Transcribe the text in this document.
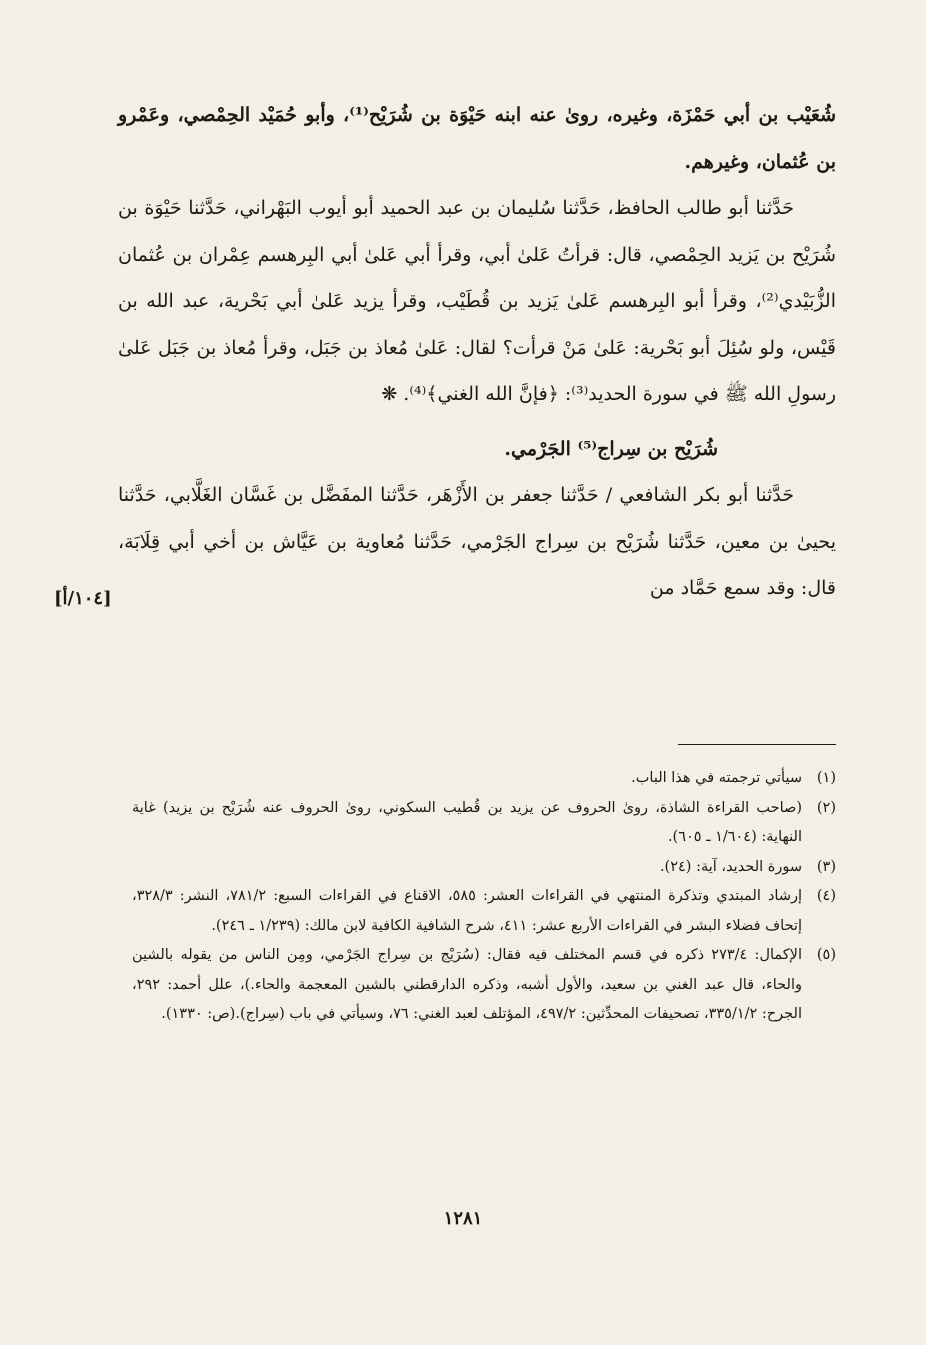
شُعَيْب بن أبي حَمْزَة، وغيره، روىٰ عنه ابنه حَيْوَة بن شُرَيْح⁽¹⁾، وأبو حُمَيْد الحِمْصي، وعَمْرو بن عُثمان، وغيرهم.

حَدَّثنا أبو طالب الحافظ، حَدَّثنا سُليمان بن عبد الحميد أبو أيوب البَهْراني، حَدَّثنا حَيْوَة بن شُرَيْح بن يَزيد الحِمْصي، قال: قرأتُ عَلىٰ أبي، وقرأ أبي عَلىٰ أبي البِرهسم عِمْران بن عُثمان الزُّبَيْدي⁽²⁾، وقرأ أبو البِرهسم عَلىٰ يَزيد بن قُطَيْب، وقرأ يزيد عَلىٰ أبي بَحْرية، عبد الله بن قَيْس، ولو سُئِلَ أبو بَحْرية: عَلىٰ مَنْ قرأت؟ لقال: عَلىٰ مُعاذ بن جَبَل، وقرأ مُعاذ بن جَبَل عَلىٰ رسولِ الله ﷺ في سورة الحديد⁽³⁾: ﴿فإنَّ الله الغني﴾⁽⁴⁾. ❋

شُرَيْح بن سِراج⁽⁵⁾ الجَرْمي.

حَدَّثنا أبو بكر الشافعي / حَدَّثنا جعفر بن الأَزْهَر، حَدَّثنا المفَضَّل بن غَسَّان الغَلَّابي، حَدَّثنا يحيىٰ بن معين، حَدَّثنا شُرَيْح بن سِراج الجَرْمي، حَدَّثنا مُعاوية بن عَيَّاش بن أخي أبي قِلَابَة، قال: وقد سمع حَمَّاد من

[١٠٤/أ]
(١)
سيأتي ترجمته في هذا الباب.
(٢)
(صاحب القراءة الشاذة، روىٰ الحروف عن يزيد بن قُطيب السكوني، روىٰ الحروف عنه شُرَيْح بن يزيد) غاية النهاية: (١/٦٠٤ ـ ٦٠٥).
(٣)
سورة الحديد، آية: (٢٤).
(٤)
إرشاد المبتدي وتذكرة المنتهي في القراءات العشر: ٥٨٥، الاقناع في القراءات السبع: ٧٨١/٢، النشر: ٣٢٨/٣، إتحاف فضلاء البشر في القراءات الأربع عشر: ٤١١، شرح الشافية الكافية لابن مالك: (١/٢٣٩ ـ ٢٤٦).
(٥)
الإكمال: ٢٧٣/٤ ذكره في قسم المختلف فيه فقال: (سُرَيْج بن سِراج الجَرْمي، ومِن الناس من يقوله بالشين والحاء، قال عبد الغني بن سعيد، والأول أشبه، وذكره الدارقطني بالشين المعجمة والحاء.)، علل أحمد: ٢٩٢، الجرح: ٣٣٥/١/٢، تصحيفات المحدِّثين: ٤٩٧/٢، المؤتلف لعبد الغني: ٧٦، وسيأتي في باب (سِراج).(ص: ١٣٣٠).
١٢٨١
